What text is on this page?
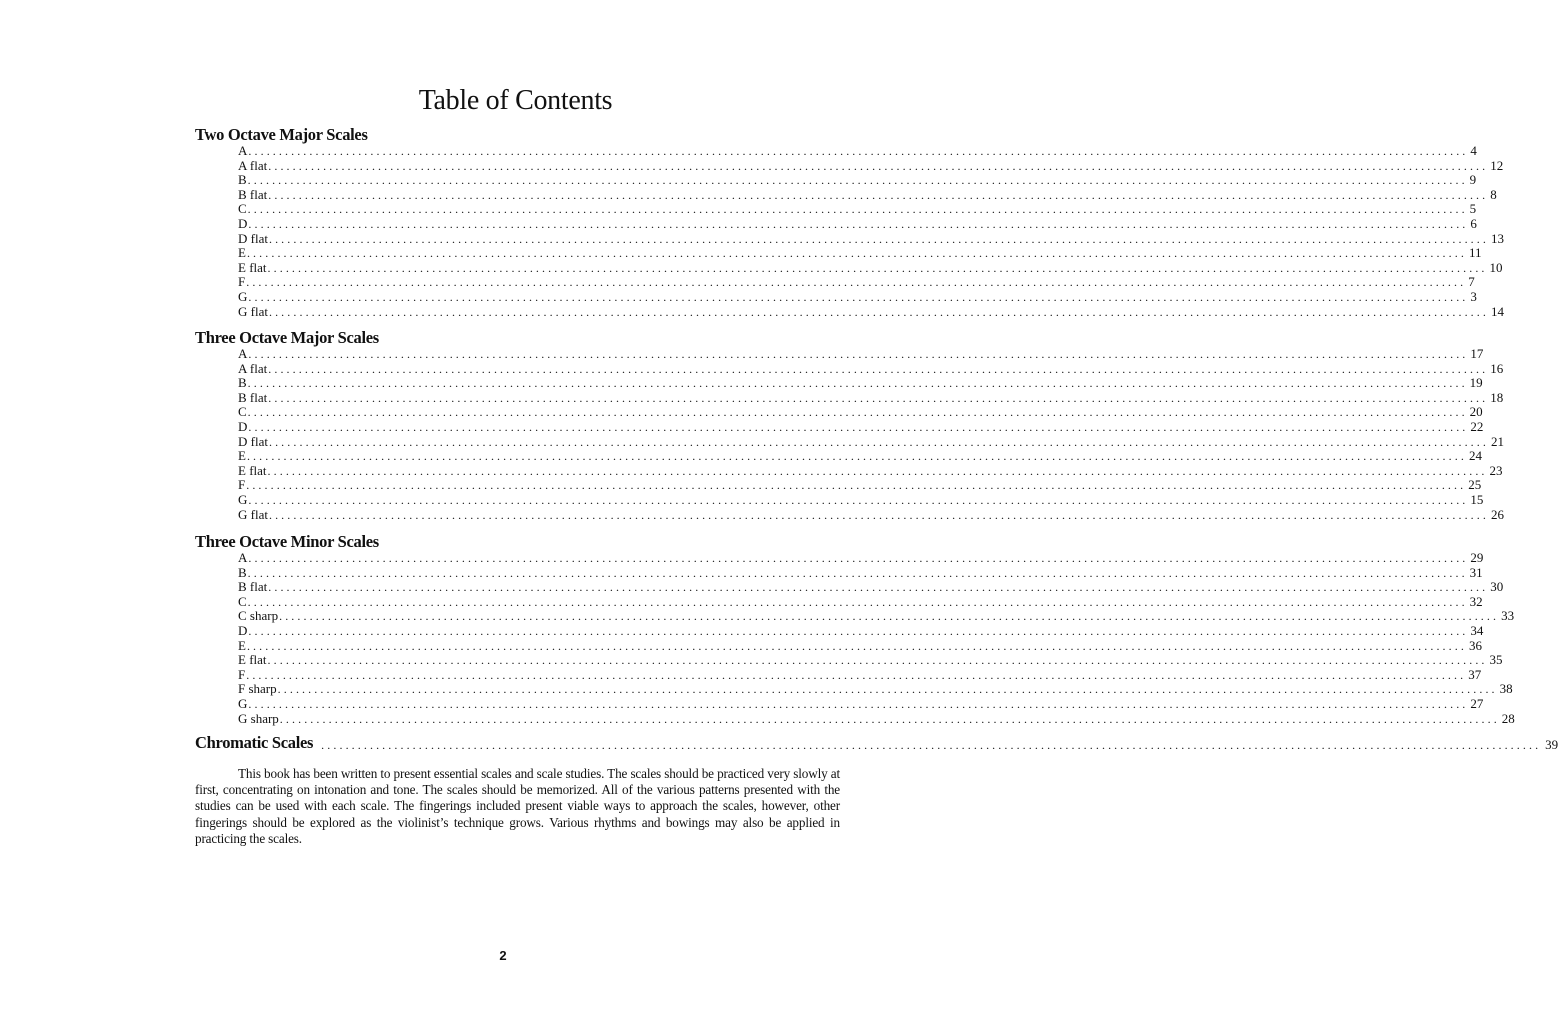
Table of Contents
Two Octave Major Scales
A ........................................................................................................................................................................................................ 4
A flat ........................................................................................................................................................................................................ 12
B ........................................................................................................................................................................................................ 9
B flat ........................................................................................................................................................................................................ 8
C ........................................................................................................................................................................................................ 5
D ........................................................................................................................................................................................................ 6
D flat ........................................................................................................................................................................................................ 13
E ........................................................................................................................................................................................................ 11
E flat ........................................................................................................................................................................................................ 10
F ........................................................................................................................................................................................................ 7
G ........................................................................................................................................................................................................ 3
G flat ........................................................................................................................................................................................................ 14
Three Octave Major Scales
A ........................................................................................................................................................................................................ 17
A flat ........................................................................................................................................................................................................ 16
B ........................................................................................................................................................................................................ 19
B flat ........................................................................................................................................................................................................ 18
C ........................................................................................................................................................................................................ 20
D ........................................................................................................................................................................................................ 22
D flat ........................................................................................................................................................................................................ 21
E ........................................................................................................................................................................................................ 24
E flat ........................................................................................................................................................................................................ 23
F ........................................................................................................................................................................................................ 25
G ........................................................................................................................................................................................................ 15
G flat ........................................................................................................................................................................................................ 26
Three Octave Minor Scales
A ........................................................................................................................................................................................................ 29
B ........................................................................................................................................................................................................ 31
B flat ........................................................................................................................................................................................................ 30
C ........................................................................................................................................................................................................ 32
C sharp ........................................................................................................................................................................................................ 33
D ........................................................................................................................................................................................................ 34
E ........................................................................................................................................................................................................ 36
E flat ........................................................................................................................................................................................................ 35
F ........................................................................................................................................................................................................ 37
F sharp ........................................................................................................................................................................................................ 38
G ........................................................................................................................................................................................................ 27
G sharp ........................................................................................................................................................................................................ 28
Chromatic Scales ........................................................................................................................................................................................................ 39

This book has been written to present essential scales and scale studies. The scales should be practiced very slowly at first, concentrating on intonation and tone. The scales should be memorized. All of the various patterns presented with the studies can be used with each scale. The fingerings included present viable ways to approach the scales, however, other fingerings should be explored as the violinist’s technique grows. Various rhythms and bowings may also be applied in practicing the scales.

2
